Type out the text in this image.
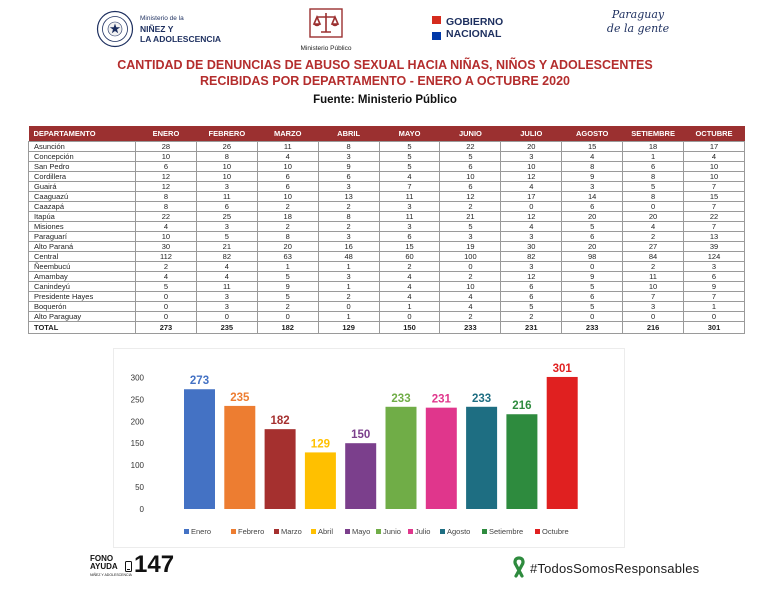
Ministerio de la
NIÑEZ Y
LA ADOLESCENCIA
Ministerio Público
GOBIERNO
NACIONAL
Paraguay
de la gente
CANTIDAD DE DENUNCIAS DE ABUSO SEXUAL HACIA NIÑAS, NIÑOS Y ADOLESCENTES
RECIBIDAS POR DEPARTAMENTO - ENERO A OCTUBRE 2020
Fuente: Ministerio Público
DEPARTAMENTO	ENERO	FEBRERO	MARZO	ABRIL	MAYO	JUNIO	JULIO	AGOSTO	SETIEMBRE	OCTUBRE
Asunción	28	26	11	8	5	22	20	15	18	17
Concepción	10	8	4	3	5	5	3	4	1	4
San Pedro	6	10	10	9	5	6	10	8	6	10
Cordillera	12	10	6	6	4	10	12	9	8	10
Guairá	12	3	6	3	7	6	4	3	5	7
Caaguazú	8	11	10	13	11	12	17	14	8	15
Caazapá	8	6	2	2	3	2	0	6	0	7
Itapúa	22	25	18	8	11	21	12	20	20	22
Misiones	4	3	2	2	3	5	4	5	4	7
Paraguarí	10	5	8	3	6	3	3	6	2	13
Alto Paraná	30	21	20	16	15	19	30	20	27	39
Central	112	82	63	48	60	100	82	98	84	124
Ñeembucú	2	4	1	1	2	0	3	0	2	3
Amambay	4	4	5	3	4	2	12	9	11	6
Canindeyú	5	11	9	1	4	10	6	5	10	9
Presidente Hayes	0	3	5	2	4	4	6	6	7	7
Boquerón	0	3	2	0	1	4	5	5	3	1
Alto Paraguay	0	0	0	1	0	2	2	0	0	0
TOTAL	273	235	182	129	150	233	231	233	216	301
0
50
100
150
200
250
300	273
235
182
129
150
233 231 233
216
301
Enero	Febrero Marzo Abril	Mayo Junio Julio Agosto Setiembre	Octubre
FONO
AYUDA
NIÑEZ Y ADOLESCENCIA 147	#TodosSomosResponsables
